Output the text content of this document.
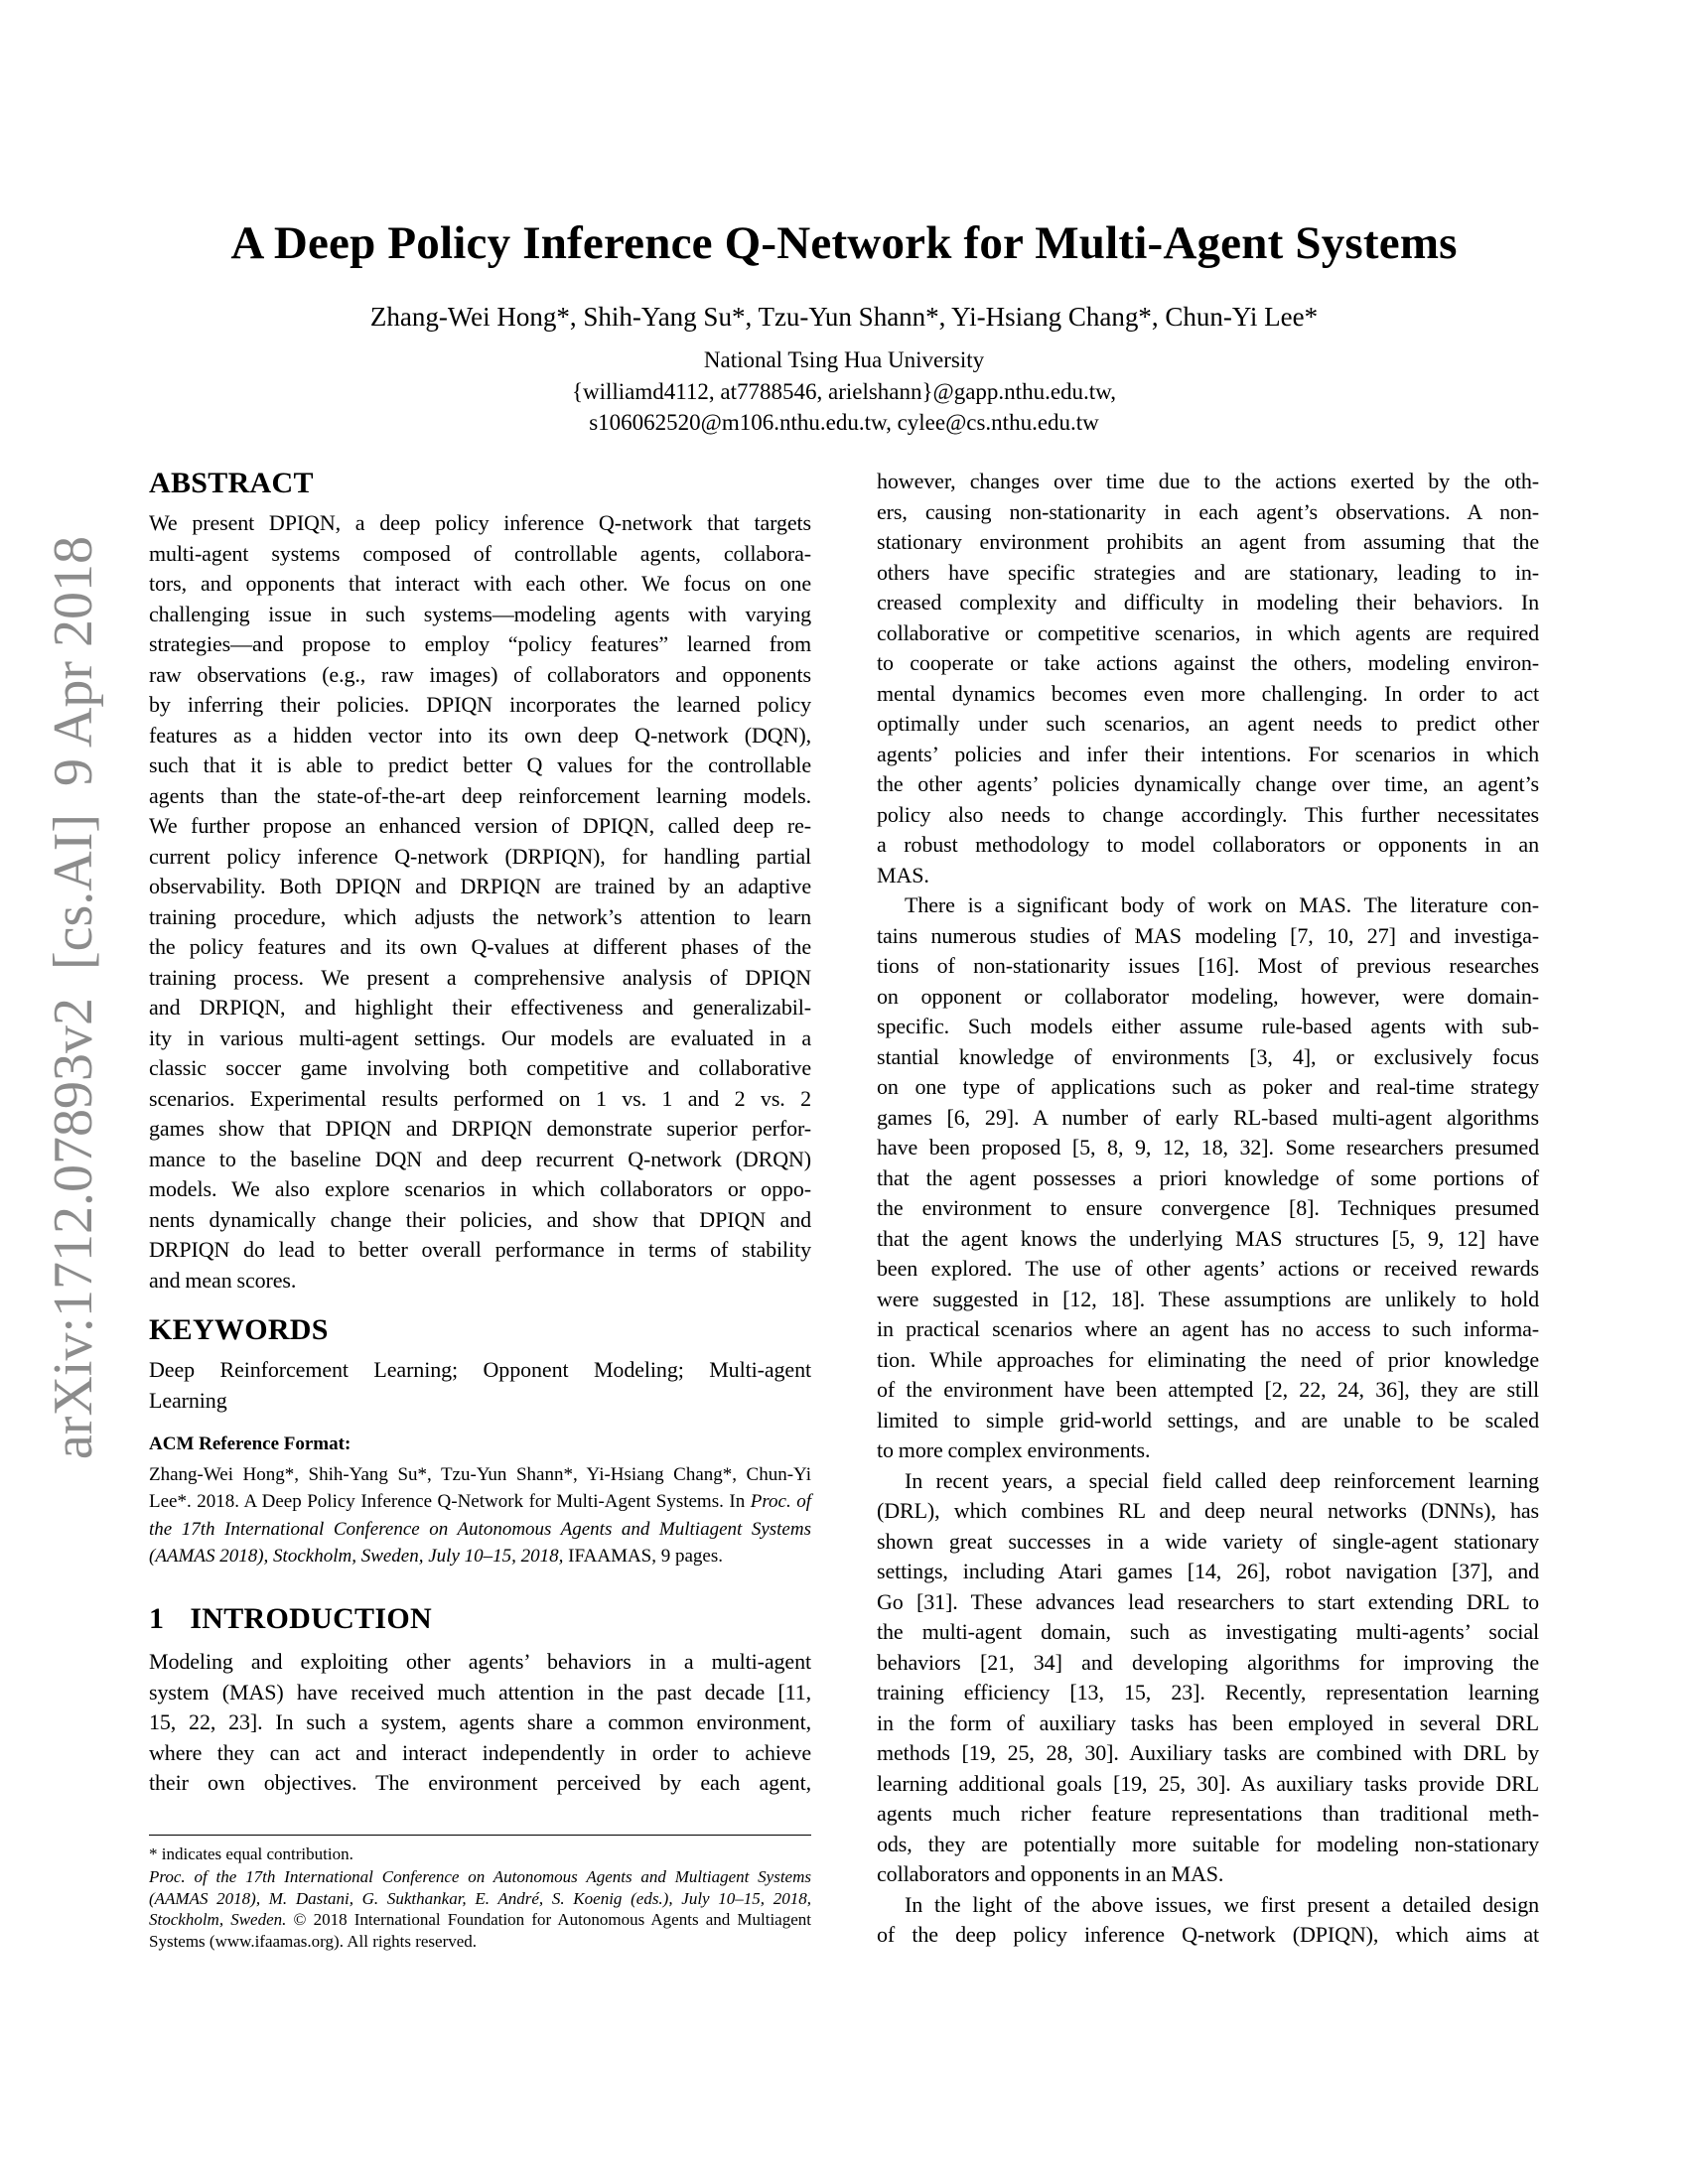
arXiv:1712.07893v2  [cs.AI]  9 Apr 2018
A Deep Policy Inference Q-Network for Multi-Agent Systems
Zhang-Wei Hong*, Shih-Yang Su*, Tzu-Yun Shann*, Yi-Hsiang Chang*, Chun-Yi Lee*
National Tsing Hua University
{williamd4112, at7788546, arielshann}@gapp.nthu.edu.tw,
s106062520@m106.nthu.edu.tw, cylee@cs.nthu.edu.tw
ABSTRACT
We present DPIQN, a deep policy inference Q-network that targets
multi-agent systems composed of controllable agents, collabora-
tors, and opponents that interact with each other. We focus on one
challenging issue in such systems—modeling agents with varying
strategies—and propose to employ “policy features” learned from
raw observations (e.g., raw images) of collaborators and opponents
by inferring their policies. DPIQN incorporates the learned policy
features as a hidden vector into its own deep Q-network (DQN),
such that it is able to predict better Q values for the controllable
agents than the state-of-the-art deep reinforcement learning models.
We further propose an enhanced version of DPIQN, called deep re-
current policy inference Q-network (DRPIQN), for handling partial
observability. Both DPIQN and DRPIQN are trained by an adaptive
training procedure, which adjusts the network’s attention to learn
the policy features and its own Q-values at different phases of the
training process. We present a comprehensive analysis of DPIQN
and DRPIQN, and highlight their effectiveness and generalizabil-
ity in various multi-agent settings. Our models are evaluated in a
classic soccer game involving both competitive and collaborative
scenarios. Experimental results performed on 1 vs. 1 and 2 vs. 2
games show that DPIQN and DRPIQN demonstrate superior perfor-
mance to the baseline DQN and deep recurrent Q-network (DRQN)
models. We also explore scenarios in which collaborators or oppo-
nents dynamically change their policies, and show that DPIQN and
DRPIQN do lead to better overall performance in terms of stability
and mean scores.
KEYWORDS
Deep Reinforcement Learning; Opponent Modeling; Multi-agent
Learning
ACM Reference Format:
Zhang-Wei Hong*, Shih-Yang Su*, Tzu-Yun Shann*, Yi-Hsiang Chang*, Chun-Yi Lee*. 2018. A Deep Policy Inference Q-Network for Multi-Agent Systems. In Proc. of the 17th International Conference on Autonomous Agents and Multiagent Systems (AAMAS 2018), Stockholm, Sweden, July 10–15, 2018, IFAAMAS, 9 pages.
1 INTRODUCTION
Modeling and exploiting other agents’ behaviors in a multi-agent
system (MAS) have received much attention in the past decade [11,
15, 22, 23]. In such a system, agents share a common environment,
where they can act and interact independently in order to achieve
their own objectives. The environment perceived by each agent,
however, changes over time due to the actions exerted by the oth-
ers, causing non-stationarity in each agent’s observations. A non-
stationary environment prohibits an agent from assuming that the
others have specific strategies and are stationary, leading to in-
creased complexity and difficulty in modeling their behaviors. In
collaborative or competitive scenarios, in which agents are required
to cooperate or take actions against the others, modeling environ-
mental dynamics becomes even more challenging. In order to act
optimally under such scenarios, an agent needs to predict other
agents’ policies and infer their intentions. For scenarios in which
the other agents’ policies dynamically change over time, an agent’s
policy also needs to change accordingly. This further necessitates
a robust methodology to model collaborators or opponents in an
MAS.
There is a significant body of work on MAS. The literature con-
tains numerous studies of MAS modeling [7, 10, 27] and investiga-
tions of non-stationarity issues [16]. Most of previous researches
on opponent or collaborator modeling, however, were domain-
specific. Such models either assume rule-based agents with sub-
stantial knowledge of environments [3, 4], or exclusively focus
on one type of applications such as poker and real-time strategy
games [6, 29]. A number of early RL-based multi-agent algorithms
have been proposed [5, 8, 9, 12, 18, 32]. Some researchers presumed
that the agent possesses a priori knowledge of some portions of
the environment to ensure convergence [8]. Techniques presumed
that the agent knows the underlying MAS structures [5, 9, 12] have
been explored. The use of other agents’ actions or received rewards
were suggested in [12, 18]. These assumptions are unlikely to hold
in practical scenarios where an agent has no access to such informa-
tion. While approaches for eliminating the need of prior knowledge
of the environment have been attempted [2, 22, 24, 36], they are still
limited to simple grid-world settings, and are unable to be scaled
to more complex environments.
In recent years, a special field called deep reinforcement learning
(DRL), which combines RL and deep neural networks (DNNs), has
shown great successes in a wide variety of single-agent stationary
settings, including Atari games [14, 26], robot navigation [37], and
Go [31]. These advances lead researchers to start extending DRL to
the multi-agent domain, such as investigating multi-agents’ social
behaviors [21, 34] and developing algorithms for improving the
training efficiency [13, 15, 23]. Recently, representation learning
in the form of auxiliary tasks has been employed in several DRL
methods [19, 25, 28, 30]. Auxiliary tasks are combined with DRL by
learning additional goals [19, 25, 30]. As auxiliary tasks provide DRL
agents much richer feature representations than traditional meth-
ods, they are potentially more suitable for modeling non-stationary
collaborators and opponents in an MAS.
In the light of the above issues, we first present a detailed design
of the deep policy inference Q-network (DPIQN), which aims at
* indicates equal contribution.
Proc. of the 17th International Conference on Autonomous Agents and Multiagent Systems (AAMAS 2018), M. Dastani, G. Sukthankar, E. André, S. Koenig (eds.), July 10–15, 2018, Stockholm, Sweden. © 2018 International Foundation for Autonomous Agents and Multiagent Systems (www.ifaamas.org). All rights reserved.
